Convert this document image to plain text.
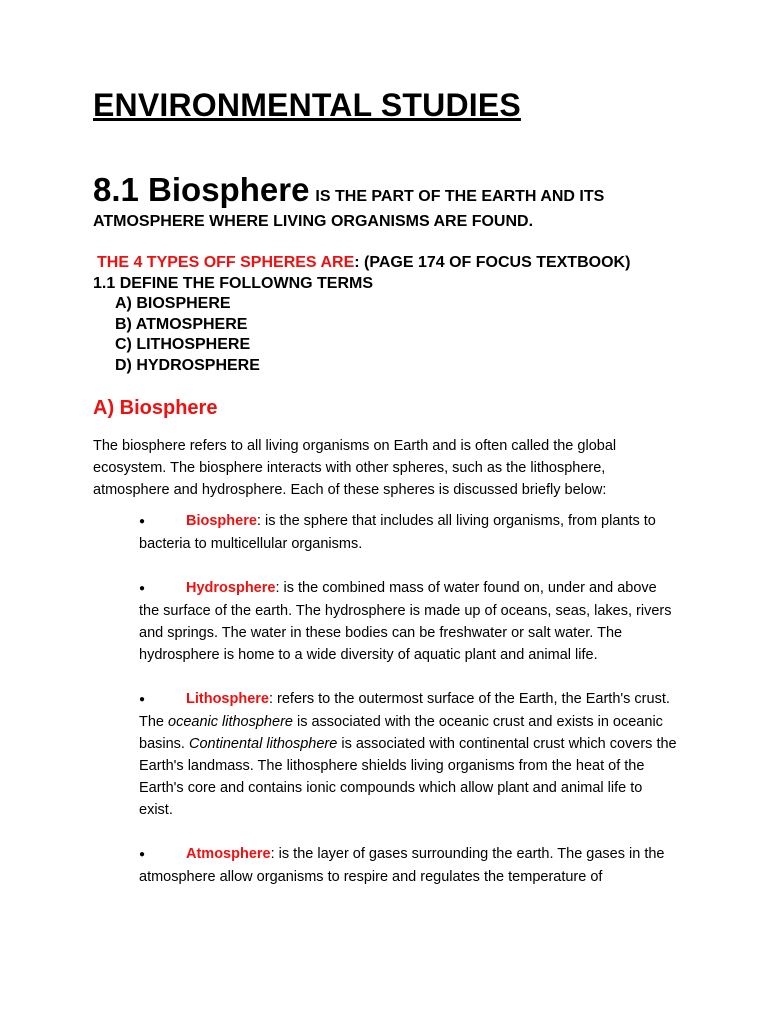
ENVIRONMENTAL STUDIES
8.1 Biosphere IS THE PART OF THE EARTH AND ITS ATMOSPHERE WHERE LIVING ORGANISMS ARE FOUND.
THE 4 TYPES OFF SPHERES ARE: (PAGE 174 OF FOCUS TEXTBOOK)
1.1 DEFINE THE FOLLOWNG TERMS
A) BIOSPHERE
B) ATMOSPHERE
C) LITHOSPHERE
D) HYDROSPHERE
A) Biosphere

The biosphere refers to all living organisms on Earth and is often called the global ecosystem. The biosphere interacts with other spheres, such as the lithosphere, atmosphere and hydrosphere. Each of these spheres is discussed briefly below:

●	Biosphere: is the sphere that includes all living organisms, from plants to bacteria to multicellular organisms.
●	Hydrosphere: is the combined mass of water found on, under and above the surface of the earth. The hydrosphere is made up of oceans, seas, lakes, rivers and springs. The water in these bodies can be freshwater or salt water. The hydrosphere is home to a wide diversity of aquatic plant and animal life.
●	Lithosphere: refers to the outermost surface of the Earth, the Earth's crust. The oceanic lithosphere is associated with the oceanic crust and exists in oceanic basins. Continental lithosphere is associated with continental crust which covers the Earth's landmass. The lithosphere shields living organisms from the heat of the Earth's core and contains ionic compounds which allow plant and animal life to exist.
●	Atmosphere: is the layer of gases surrounding the earth. The gases in the atmosphere allow organisms to respire and regulates the temperature of
